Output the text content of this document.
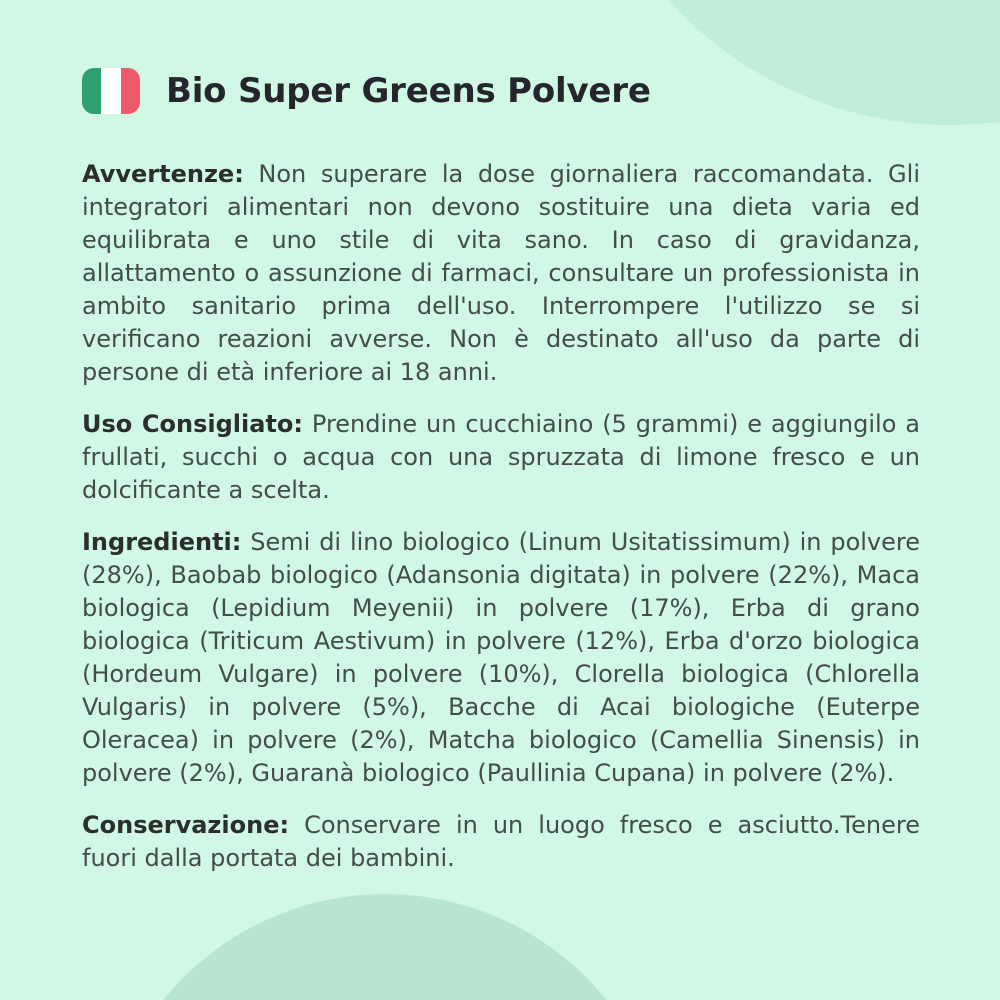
Bio Super Greens Polvere

Avvertenze: Non superare la dose giornaliera raccomandata. Gli integratori alimentari non devono sostituire una dieta varia ed equilibrata e uno stile di vita sano. In caso di gravidanza, allattamento o assunzione di farmaci, consultare un professionista in ambito sanitario prima dell'uso. Interrompere l'utilizzo se si verificano reazioni avverse. Non è destinato all'uso da parte di persone di età inferiore ai 18 anni.

Uso Consigliato: Prendine un cucchiaino (5 grammi) e aggiungilo a frullati, succhi o acqua con una spruzzata di limone fresco e un dolcificante a scelta.

Ingredienti: Semi di lino biologico (Linum Usitatissimum) in polvere (28%), Baobab biologico (Adansonia digitata) in polvere (22%), Maca biologica (Lepidium Meyenii) in polvere (17%), Erba di grano biologica (Triticum Aestivum) in polvere (12%), Erba d'orzo biologica (Hordeum Vulgare) in polvere (10%), Clorella biologica (Chlorella Vulgaris) in polvere (5%), Bacche di Acai biologiche (Euterpe Oleracea) in polvere (2%), Matcha biologico (Camellia Sinensis) in polvere (2%), Guaranà biologico (Paullinia Cupana) in polvere (2%).

Conservazione: Conservare in un luogo fresco e asciutto.Tenere fuori dalla portata dei bambini.
